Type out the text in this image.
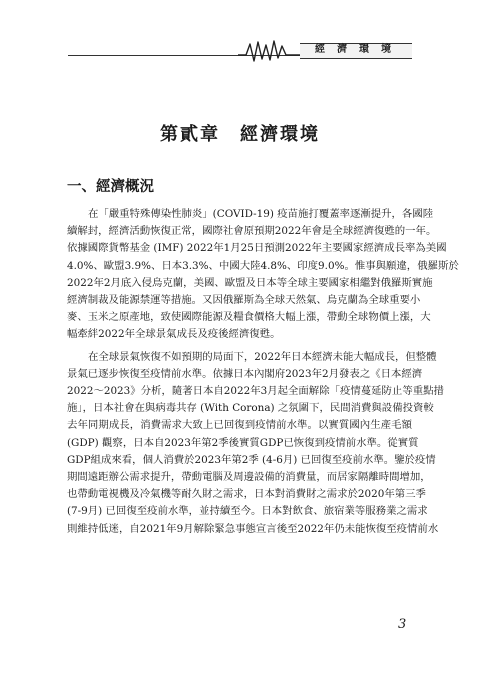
經濟環境
第貳章　經濟環境
一、經濟概況
在「嚴重特殊傳染性肺炎」(COVID-19) 疫苗施打覆蓋率逐漸提升，各國陸
續解封，經濟活動恢復正常，國際社會原預期2022年會是全球經濟復甦的一年。
依據國際貨幣基金 (IMF) 2022年1月25日預測2022年主要國家經濟成長率為美國
4.0%、歐盟3.9%、日本3.3%、中國大陸4.8%、印度9.0%。惟事與願違，俄羅斯於
2022年2月底入侵烏克蘭，美國、歐盟及日本等全球主要國家相繼對俄羅斯實施
經濟制裁及能源禁運等措施。又因俄羅斯為全球天然氣、烏克蘭為全球重要小
麥、玉米之原產地，致使國際能源及糧食價格大幅上漲，帶動全球物價上漲，大
幅牽絆2022年全球景氣成長及疫後經濟復甦。
在全球景氣恢復不如預期的局面下，2022年日本經濟未能大幅成長，但整體
景氣已逐步恢復至疫情前水準。依據日本內閣府2023年2月發表之《日本經濟
2022～2023》分析，隨著日本自2022年3月起全面解除「疫情蔓延防止等重點措
施」，日本社會在與病毒共存 (With Corona) 之氛圍下，民間消費與設備投資較
去年同期成長，消費需求大致上已回復到疫情前水準。以實質國內生產毛額
(GDP) 觀察，日本自2023年第2季後實質GDP已恢復到疫情前水準。從實質
GDP組成來看，個人消費於2023年第2季 (4-6月) 已回復至疫前水準。鑒於疫情
期間遠距辦公需求提升，帶動電腦及周邊設備的消費量，而居家隔離時間增加，
也帶動電視機及冷氣機等耐久財之需求，日本對消費財之需求於2020年第三季
(7-9月) 已回復至疫前水準，並持續至今。日本對飲食、旅宿業等服務業之需求
則維持低迷，自2021年9月解除緊急事態宣言後至2022年仍未能恢復至疫情前水
3
